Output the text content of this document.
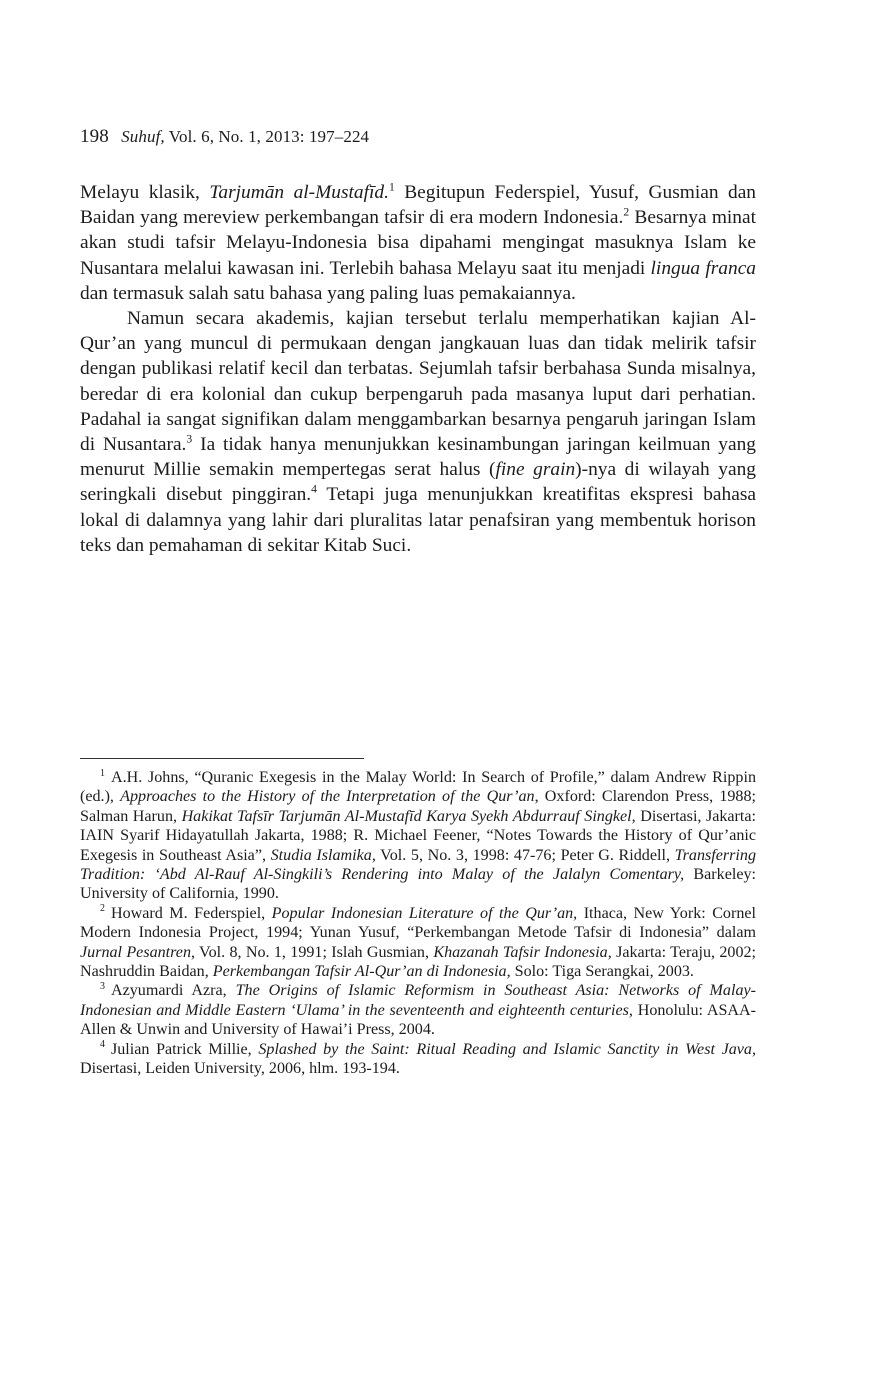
198 Suhuf, Vol. 6, No. 1, 2013: 197–224

Melayu klasik, Tarjumān al-Mustafīd.$^1$ Begitupun Federspiel, Yusuf, Gusmian dan Baidan yang mereview perkembangan tafsir di era modern Indonesia.$^2$ Besarnya minat akan studi tafsir Melayu-Indonesia bisa dipahami mengingat masuknya Islam ke Nusantara melalui kawasan ini. Terlebih bahasa Melayu saat itu menjadi lingua franca dan termasuk salah satu bahasa yang paling luas pemakaiannya.

Namun secara akademis, kajian tersebut terlalu memperhatikan kajian Al-Qur’an yang muncul di permukaan dengan jangkauan luas dan tidak melirik tafsir dengan publikasi relatif kecil dan terbatas. Sejumlah tafsir berbahasa Sunda misalnya, beredar di era kolonial dan cukup berpengaruh pada masanya luput dari perhatian. Padahal ia sangat signifikan dalam menggambarkan besarnya pengaruh jaringan Islam di Nusantara.$^3$ Ia tidak hanya menunjukkan kesinambungan jaringan keilmuan yang menurut Millie semakin mempertegas serat halus (fine grain)-nya di wilayah yang seringkali disebut pinggiran.$^4$ Tetapi juga menunjukkan kreatifitas ekspresi bahasa lokal di dalamnya yang lahir dari pluralitas latar penafsiran yang membentuk horison teks dan pemahaman di sekitar Kitab Suci.

$^1$ A.H. Johns, “Quranic Exegesis in the Malay World: In Search of Profile,” dalam Andrew Rippin (ed.), Approaches to the History of the Interpretation of the Qur’an, Oxford: Clarendon Press, 1988; Salman Harun, Hakikat Tafsīr Tarjumān Al-Mustafīd Karya Syekh Abdurrauf Singkel, Disertasi, Jakarta: IAIN Syarif Hidayatullah Jakarta, 1988; R. Michael Feener, “Notes Towards the History of Qur’anic Exegesis in Southeast Asia”, Studia Islamika, Vol. 5, No. 3, 1998: 47-76; Peter G. Riddell, Transferring Tradition: ‘Abd Al-Rauf Al-Singkili’s Rendering into Malay of the Jalalyn Comentary, Barkeley: University of California, 1990.

$^2$ Howard M. Federspiel, Popular Indonesian Literature of the Qur’an, Ithaca, New York: Cornel Modern Indonesia Project, 1994; Yunan Yusuf, “Perkembangan Metode Tafsir di Indonesia” dalam Jurnal Pesantren, Vol. 8, No. 1, 1991; Islah Gusmian, Khazanah Tafsir Indonesia, Jakarta: Teraju, 2002; Nashruddin Baidan, Perkembangan Tafsir Al-Qur’an di Indonesia, Solo: Tiga Serangkai, 2003.

$^3$ Azyumardi Azra, The Origins of Islamic Reformism in Southeast Asia: Networks of Malay-Indonesian and Middle Eastern ‘Ulama’ in the seventeenth and eighteenth centuries, Honolulu: ASAA-Allen & Unwin and University of Hawai’i Press, 2004.

$^4$ Julian Patrick Millie, Splashed by the Saint: Ritual Reading and Islamic Sanctity in West Java, Disertasi, Leiden University, 2006, hlm. 193-194.
